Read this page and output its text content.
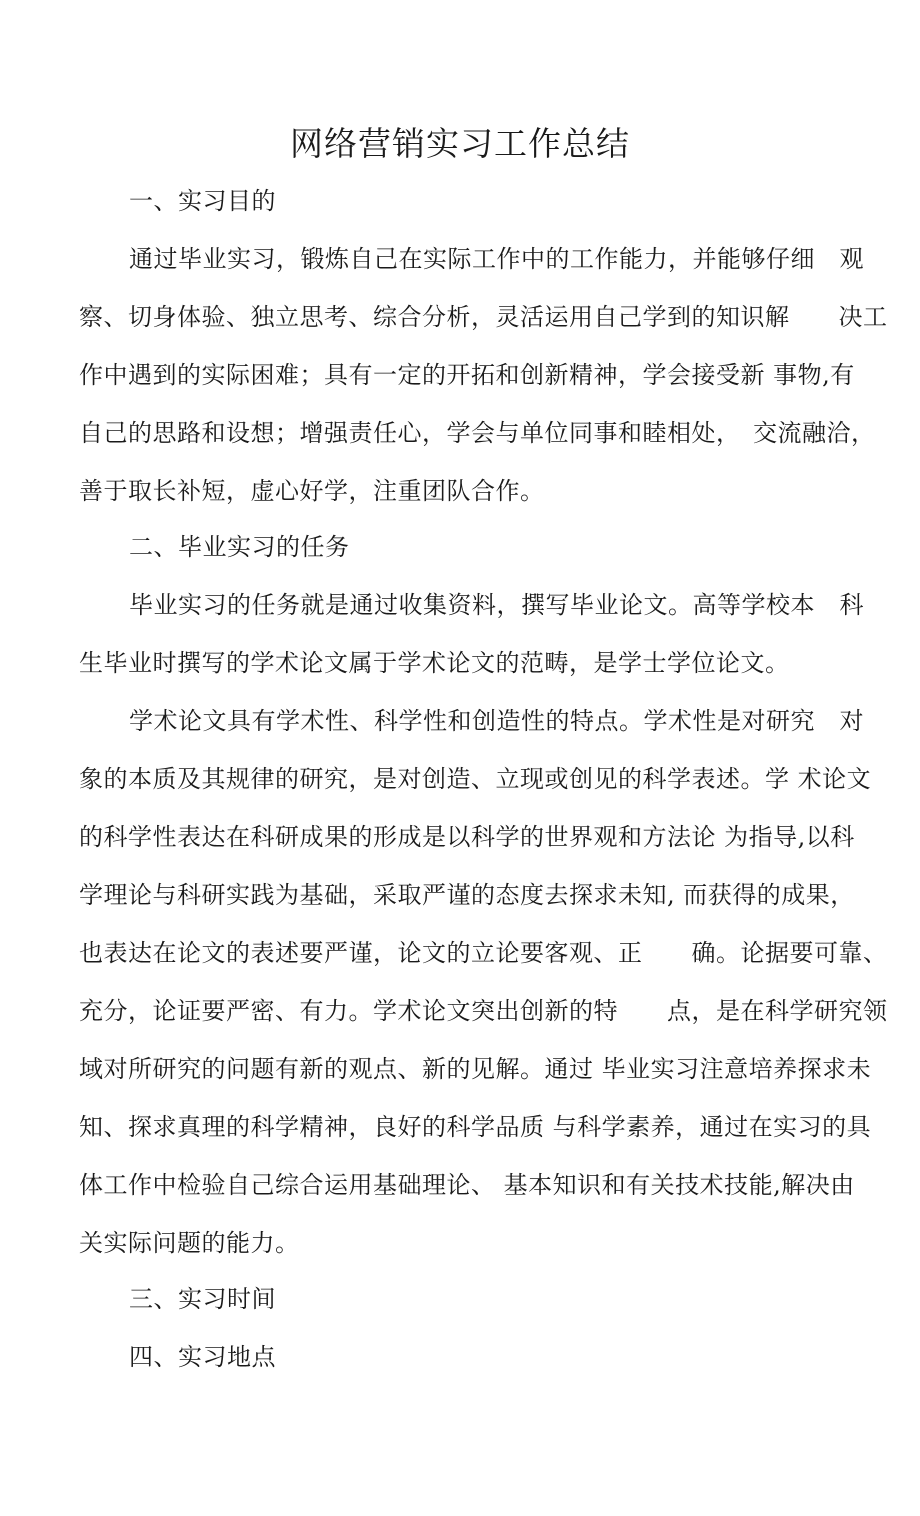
网络营销实习工作总结
一、实习目的
通过毕业实习，锻炼自己在实际工作中的工作能力，并能够仔细　观
察、切身体验、独立思考、综合分析，灵活运用自己学到的知识解　　决工
作中遇到的实际困难；具有一定的开拓和创新精神，学会接受新 事物,有
自己的思路和设想；增强责任心，学会与单位同事和睦相处，　交流融洽，
善于取长补短，虚心好学，注重团队合作。
二、毕业实习的任务
毕业实习的任务就是通过收集资料，撰写毕业论文。高等学校本　科
生毕业时撰写的学术论文属于学术论文的范畴，是学士学位论文。
学术论文具有学术性、科学性和创造性的特点。学术性是对研究　对
象的本质及其规律的研究，是对创造、立现或创见的科学表述。学 术论文
的科学性表达在科研成果的形成是以科学的世界观和方法论 为指导,以科
学理论与科研实践为基础，采取严谨的态度去探求未知, 而获得的成果，
也表达在论文的表述要严谨，论文的立论要客观、正　　确。论据要可靠、
充分，论证要严密、有力。学术论文突出创新的特　　点，是在科学研究领
域对所研究的问题有新的观点、新的见解。通过 毕业实习注意培养探求未
知、探求真理的科学精神，良好的科学品质 与科学素养，通过在实习的具
体工作中检验自己综合运用基础理论、 基本知识和有关技术技能,解决由
关实际问题的能力。
三、实习时间
四、实习地点
